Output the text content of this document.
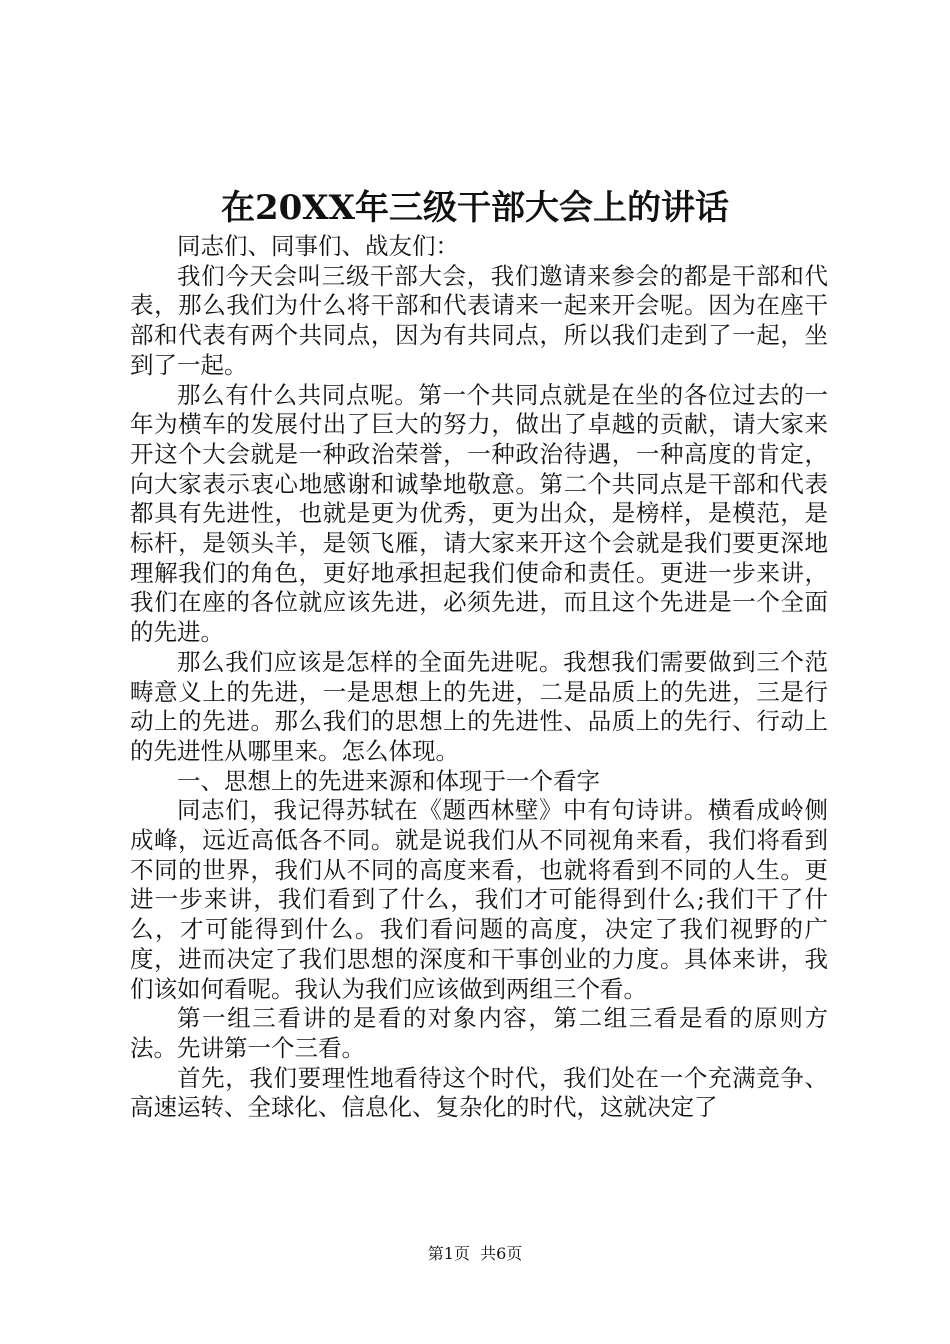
在20XX年三级干部大会上的讲话

同志们、同事们、战友们：

我们今天会叫三级干部大会，我们邀请来参会的都是干部和代表，那么我们为什么将干部和代表请来一起来开会呢。因为在座干部和代表有两个共同点，因为有共同点，所以我们走到了一起，坐到了一起。

那么有什么共同点呢。第一个共同点就是在坐的各位过去的一年为横车的发展付出了巨大的努力，做出了卓越的贡献，请大家来开这个大会就是一种政治荣誉，一种政治待遇，一种高度的肯定，向大家表示衷心地感谢和诚挚地敬意。第二个共同点是干部和代表都具有先进性，也就是更为优秀，更为出众，是榜样，是模范，是标杆，是领头羊，是领飞雁，请大家来开这个会就是我们要更深地理解我们的角色，更好地承担起我们使命和责任。更进一步来讲，我们在座的各位就应该先进，必须先进，而且这个先进是一个全面的先进。

那么我们应该是怎样的全面先进呢。我想我们需要做到三个范畴意义上的先进，一是思想上的先进，二是品质上的先进，三是行动上的先进。那么我们的思想上的先进性、品质上的先行、行动上的先进性从哪里来。怎么体现。

一、思想上的先进来源和体现于一个看字

同志们，我记得苏轼在《题西林壁》中有句诗讲。横看成岭侧成峰，远近高低各不同。就是说我们从不同视角来看，我们将看到不同的世界，我们从不同的高度来看，也就将看到不同的人生。更进一步来讲，我们看到了什么，我们才可能得到什么;我们干了什么，才可能得到什么。我们看问题的高度，决定了我们视野的广度，进而决定了我们思想的深度和干事创业的力度。具体来讲，我们该如何看呢。我认为我们应该做到两组三个看。

第一组三看讲的是看的对象内容，第二组三看是看的原则方法。先讲第一个三看。

首先，我们要理性地看待这个时代，我们处在一个充满竞争、高速运转、全球化、信息化、复杂化的时代，这就决定了

第1页  共6页
